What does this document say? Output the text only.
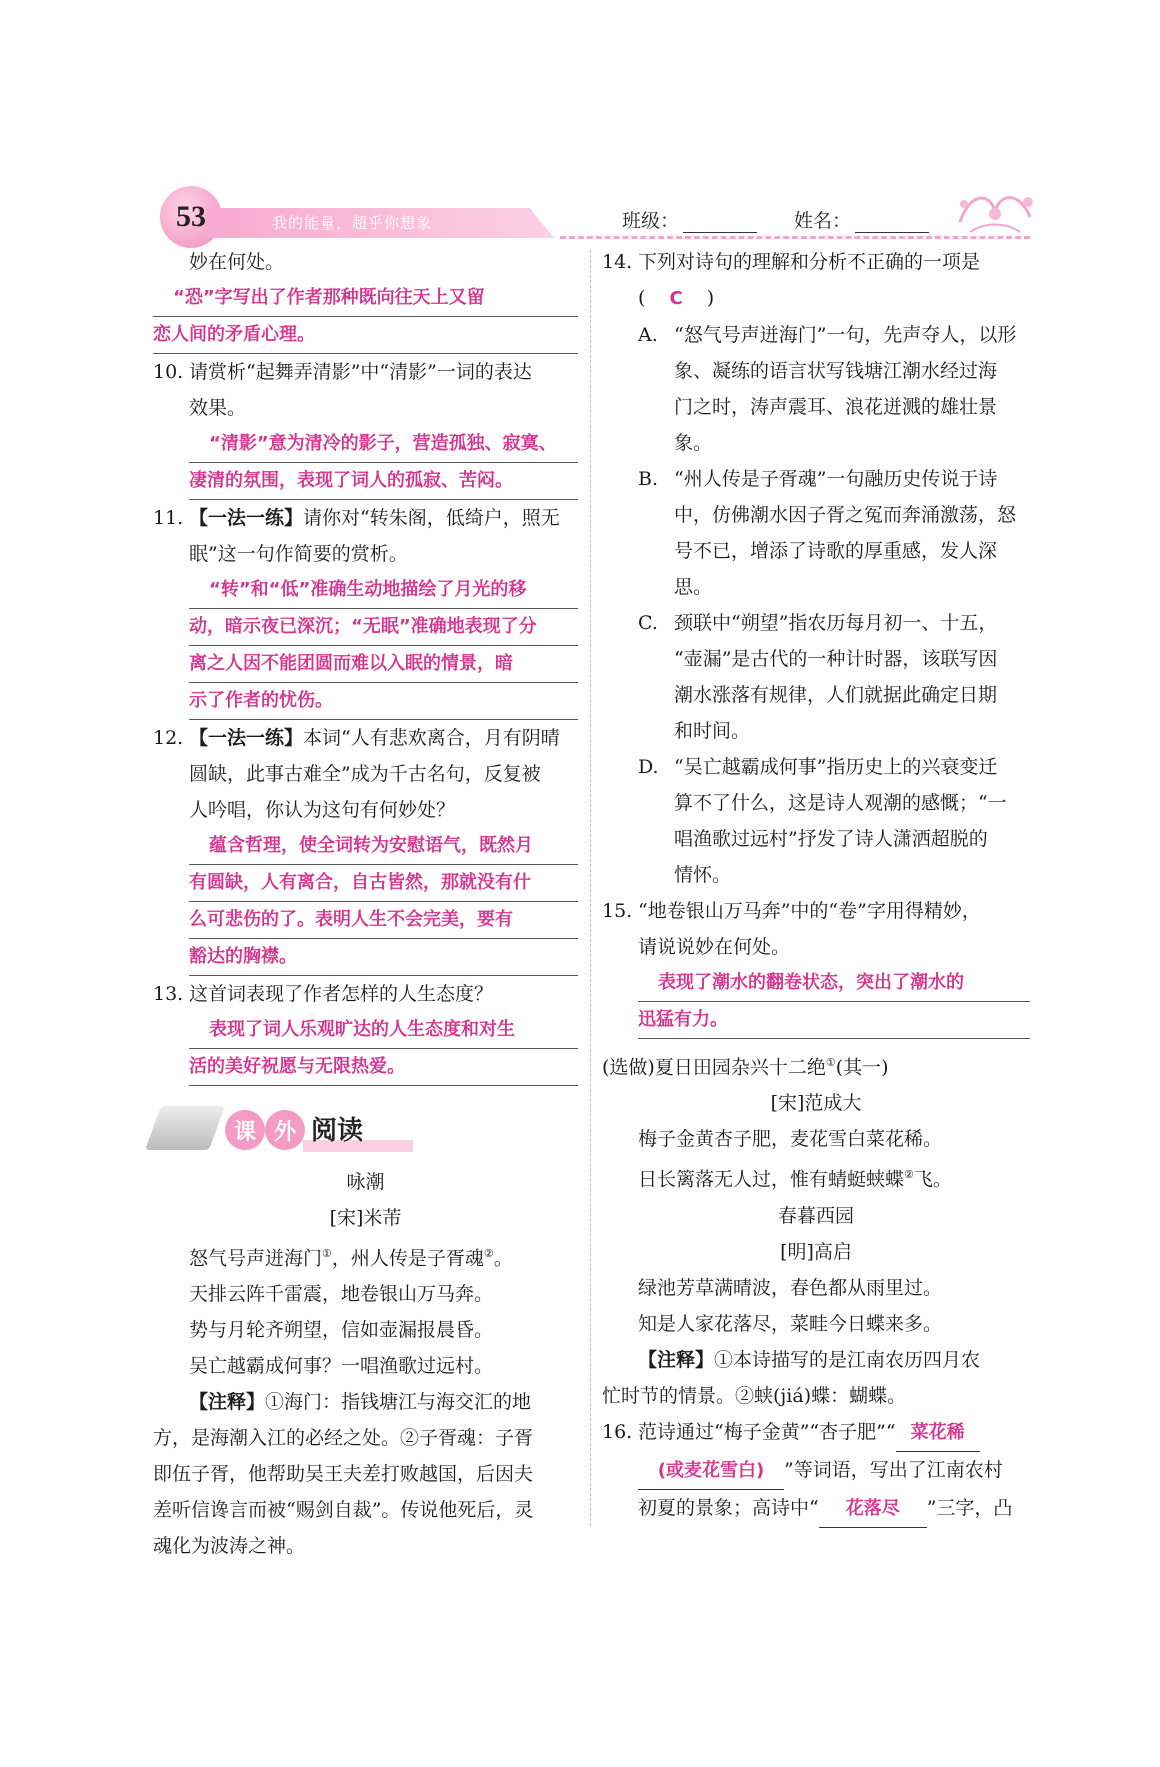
53	我的能量，超乎你想象	班级：	姓名：
妙在何处。
“恐”字写出了作者那种既向往天上又留
恋人间的矛盾心理。
10. 请赏析“起舞弄清影”中“清影”一词的表达
效果。
“清影”意为清冷的影子，营造孤独、寂寞、
凄清的氛围，表现了词人的孤寂、苦闷。
11. 【一法一练】请你对“转朱阁，低绮户，照无
眠”这一句作简要的赏析。
“转”和“低”准确生动地描绘了月光的移
动，暗示夜已深沉；“无眠”准确地表现了分
离之人因不能团圆而难以入眠的情景，暗
示了作者的忧伤。
12. 【一法一练】本词“人有悲欢离合，月有阴晴
圆缺，此事古难全”成为千古名句，反复被
人吟唱，你认为这句有何妙处？
蕴含哲理，使全词转为安慰语气，既然月
有圆缺，人有离合，自古皆然，那就没有什
么可悲伤的了。表明人生不会完美，要有
豁达的胸襟。
13. 这首词表现了作者怎样的人生态度？
表现了词人乐观旷达的人生态度和对生
活的美好祝愿与无限热爱。
课 外 阅读
咏潮
[宋]米芾
怒气号声迸海门①，州人传是子胥魂②。
天排云阵千雷震，地卷银山万马奔。
势与月轮齐朔望，信如壶漏报晨昏。
吴亡越霸成何事？一唱渔歌过远村。
【注释】①海门：指钱塘江与海交汇的地
方，是海潮入江的必经之处。②子胥魂：子胥
即伍子胥，他帮助吴王夫差打败越国，后因夫
差听信谗言而被“赐剑自裁”。传说他死后，灵
魂化为波涛之神。
14. 下列对诗句的理解和分析不正确的一项是
( C )
A. “怒气号声迸海门”一句，先声夺人，以形
象、凝练的语言状写钱塘江潮水经过海
门之时，涛声震耳、浪花迸溅的雄壮景
象。
B. “州人传是子胥魂”一句融历史传说于诗
中，仿佛潮水因子胥之冤而奔涌激荡，怒
号不已，增添了诗歌的厚重感，发人深
思。
C. 颈联中“朔望”指农历每月初一、十五，
“壶漏”是古代的一种计时器，该联写因
潮水涨落有规律，人们就据此确定日期
和时间。
D. “吴亡越霸成何事”指历史上的兴衰变迁
算不了什么，这是诗人观潮的感慨；“一
唱渔歌过远村”抒发了诗人潇洒超脱的
情怀。
15. “地卷银山万马奔”中的“卷”字用得精妙，
请说说妙在何处。
表现了潮水的翻卷状态，突出了潮水的
迅猛有力。
(选做)夏日田园杂兴十二绝①(其一)
[宋]范成大
梅子金黄杏子肥，麦花雪白菜花稀。
日长篱落无人过，惟有蜻蜓蛱蝶②飞。
春暮西园
[明]高启
绿池芳草满晴波，春色都从雨里过。
知是人家花落尽，菜畦今日蝶来多。
【注释】①本诗描写的是江南农历四月农
忙时节的情景。②蛱(jiá)蝶：蝴蝶。
16. 范诗通过“梅子金黄”“杏子肥”“ 菜花稀
(或麦花雪白) ”等词语，写出了江南农村
初夏的景象；高诗中“ 花落尽 ”三字，凸
